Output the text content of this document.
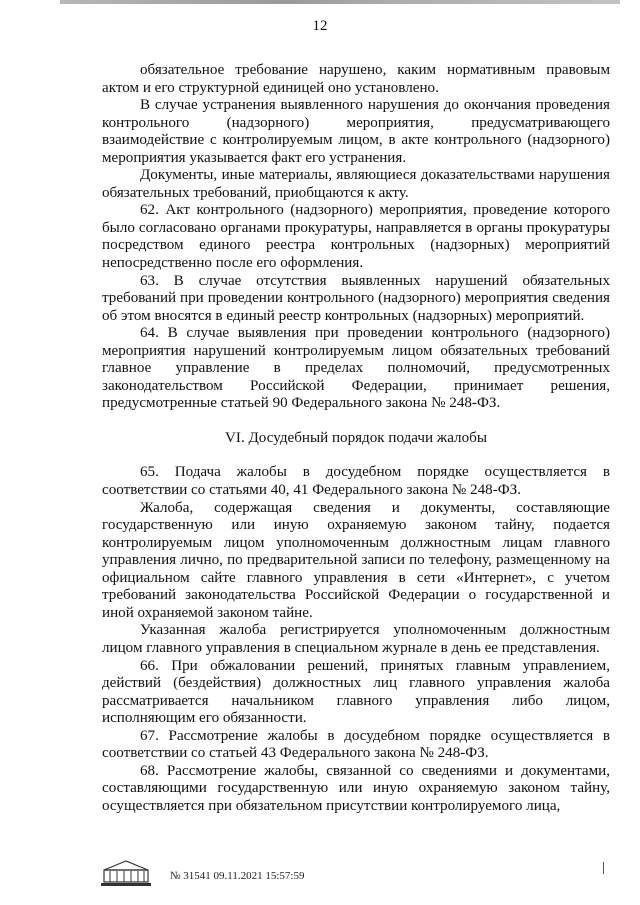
12

обязательное требование нарушено, каким нормативным правовым актом и его структурной единицей оно установлено.

В случае устранения выявленного нарушения до окончания проведения контрольного (надзорного) мероприятия, предусматривающего взаимодействие с контролируемым лицом, в акте контрольного (надзорного) мероприятия указывается факт его устранения.

Документы, иные материалы, являющиеся доказательствами нарушения обязательных требований, приобщаются к акту.

62. Акт контрольного (надзорного) мероприятия, проведение которого было согласовано органами прокуратуры, направляется в органы прокуратуры посредством единого реестра контрольных (надзорных) мероприятий непосредственно после его оформления.

63. В случае отсутствия выявленных нарушений обязательных требований при проведении контрольного (надзорного) мероприятия сведения об этом вносятся в единый реестр контрольных (надзорных) мероприятий.

64. В случае выявления при проведении контрольного (надзорного) мероприятия нарушений контролируемым лицом обязательных требований главное управление в пределах полномочий, предусмотренных законодательством Российской Федерации, принимает решения, предусмотренные статьей 90 Федерального закона № 248-ФЗ.

VI. Досудебный порядок подачи жалобы

65. Подача жалобы в досудебном порядке осуществляется в соответствии со статьями 40, 41 Федерального закона № 248-ФЗ.

Жалоба, содержащая сведения и документы, составляющие государственную или иную охраняемую законом тайну, подается контролируемым лицом уполномоченным должностным лицам главного управления лично, по предварительной записи по телефону, размещенному на официальном сайте главного управления в сети «Интернет», с учетом требований законодательства Российской Федерации о государственной и иной охраняемой законом тайне.

Указанная жалоба регистрируется уполномоченным должностным лицом главного управления в специальном журнале в день ее представления.

66. При обжаловании решений, принятых главным управлением, действий (бездействия) должностных лиц главного управления жалоба рассматривается начальником главного управления либо лицом, исполняющим его обязанности.

67. Рассмотрение жалобы в досудебном порядке осуществляется в соответствии со статьей 43 Федерального закона № 248-ФЗ.

68. Рассмотрение жалобы, связанной со сведениями и документами, составляющими государственную или иную охраняемую законом тайну, осуществляется при обязательном присутствии контролируемого лица,

№ 31541 09.11.2021 15:57:59
